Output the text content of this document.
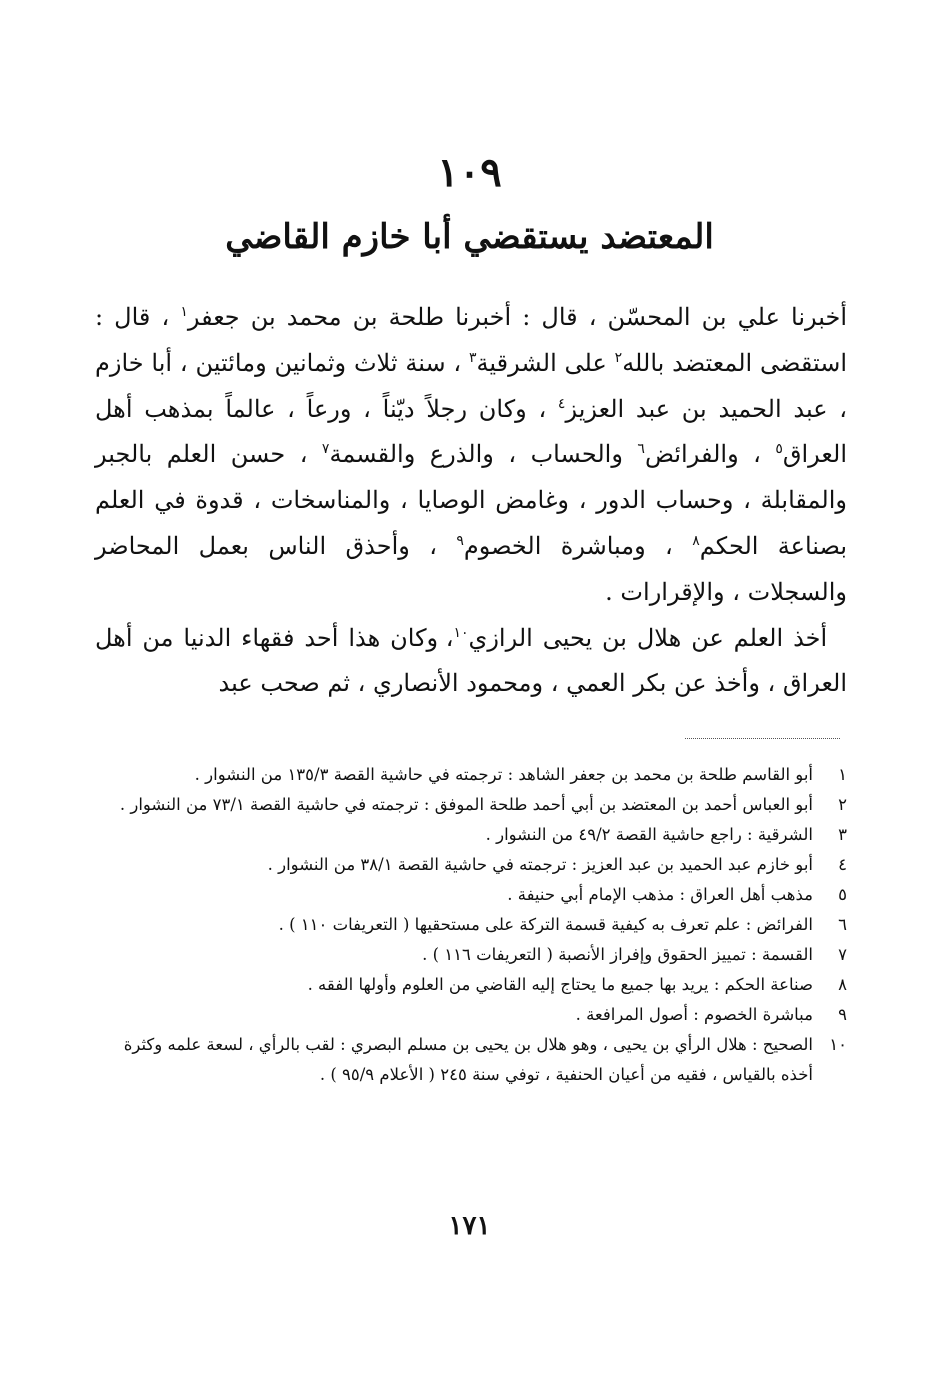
١٠٩
المعتضد يستقضي أبا خازم القاضي

أخبرنا علي بن المحسّن ، قال : أخبرنا طلحة بن محمد بن جعفر$^١$ ، قال : استقضى المعتضد بالله$^٢$ على الشرقية$^٣$ ، سنة ثلاث وثمانين ومائتين ، أبا خازم ، عبد الحميد بن عبد العزيز$^٤$ ، وكان رجلاً ديّناً ، ورعاً ، عالماً بمذهب أهل العراق$^٥$ ، والفرائض$^٦$ والحساب ، والذرع والقسمة$^٧$ ، حسن العلم بالجبر والمقابلة ، وحساب الدور ، وغامض الوصايا ، والمناسخات ، قدوة في العلم بصناعة الحكم$^٨$ ، ومباشرة الخصوم$^٩$ ، وأحذق الناس بعمل المحاضر والسجلات ، والإقرارات .

أخذ العلم عن هلال بن يحيى الرازي$^{١٠}$، وكان هذا أحد فقهاء الدنيا من أهل العراق ، وأخذ عن بكر العمي ، ومحمود الأنصاري ، ثم صحب عبد

١
أبو القاسم طلحة بن محمد بن جعفر الشاهد : ترجمته في حاشية القصة ١٣٥/٣ من النشوار .
٢
أبو العباس أحمد بن المعتضد بن أبي أحمد طلحة الموفق : ترجمته في حاشية القصة ٧٣/١ من النشوار .
٣
الشرقية : راجع حاشية القصة ٤٩/٢ من النشوار .
٤
أبو خازم عبد الحميد بن عبد العزيز : ترجمته في حاشية القصة ٣٨/١ من النشوار .
٥
مذهب أهل العراق : مذهب الإمام أبي حنيفة .
٦
الفرائض : علم تعرف به كيفية قسمة التركة على مستحقيها ( التعريفات ١١٠ ) .
٧
القسمة : تمييز الحقوق وإفراز الأنصبة ( التعريفات ١١٦ ) .
٨
صناعة الحكم : يريد بها جميع ما يحتاج إليه القاضي من العلوم وأولها الفقه .
٩
مباشرة الخصوم : أصول المرافعة .
١٠
الصحيح : هلال الرأي بن يحيى ، وهو هلال بن يحيى بن مسلم البصري : لقب بالرأي ، لسعة علمه وكثرة أخذه بالقياس ، فقيه من أعيان الحنفية ، توفي سنة ٢٤٥ ( الأعلام ٩٥/٩ ) .
١٧١
